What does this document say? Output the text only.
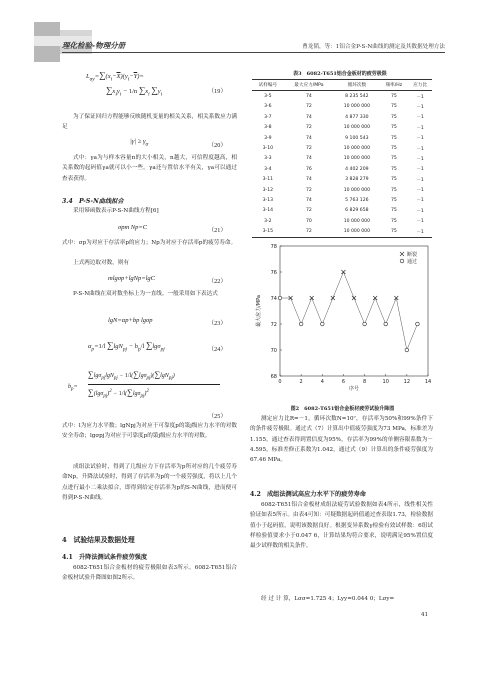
理化检验-物理分册	曹龙韬，等：1铝合金P-S-N曲线的测定及其数据处理方法
$L_{\sigma y}=\sum(x_i-\overline{X})(y_i-\overline{Y})=$
$\sum x_iy_i - 1/n$ $\sum x_i$ $\sum y_i$	（19）
为了保证回归方程能够反映随机变量的相关关系，相关系数应力满足
$|\gamma| \ge \gamma_\alpha$	（20）
式中：γa为与样本容量n的大小相关，n越大，可信程度越高，相关系数的起码值γa就可以小一些。γa还与置信水平有关，γa可以通过查表获得。
3.4　P-S-N曲线拟合
采用幂函数表示P-S-N曲线方程[6]
σpm Np=C	（21）
式中：σp为对应于存活率p的应力；Np为对应于存活率p的疲劳寿命。
上式两边取对数，则有
mlgσp+lgNp=lgC	（22）
P-S-N曲线在双对数坐标上为一直线。一般采用如下表达式
lgN=αp+bp lgσp	（23）
$\alpha_p=1/l$ $\sum\lg N_{pj} - b_p/l$ ∑lgσ$_{pj}$	（24）
$b_p=$
∑lgσ$_{pj}$lgN$_{pj}$ − 1/l(∑lgσ$_{pj}$)(∑lgN$_{pj}$)
$\sum(\lg\sigma_{pj})^2 - 1/l(\sum\lg\sigma_{pj})^2$
（25）
式中：l为应力水平数；lgNpj为对应于可靠度p的第j级应力水平的对数安全寿命；lgσpj为对应于可靠度p的第j级应力水平的对数。
成组法试验时，得到了几级应力下存活率为p所对应的几个疲劳寿命Np，升降法试验时，得到了存活率为p的一个疲劳强度，将以上几个点进行最小二乘法拟合，即得到给定存活率为p的S-N曲线，进而便可得到P-S-N曲线。
4　试验结果及数据处理
4.1　升降法测试条件疲劳强度
6082-T651铝合金板材的疲劳极限如表3所示。6082-T651铝合金板材试验升降图如图2所示。
表3　6082-T651铝合金板材的疲劳极限
试样编号	最大应力/MPa	循环次数	频率/Hz	应力比
3-5	74	8 235 542	75	－1
3-6	72	10 000 000	75	－1
3-7	74	4 877 330	75	－1
3-8	72	10 000 000	75	－1
3-9	74	9 100 543	75	－1
3-10	72	10 000 000	75	－1
3-3	74	10 000 000	75	－1
3-4	76	4 402 209	75	－1
3-11	74	3 828 279	75	－1
3-12	72	10 000 000	75	－1
3-13	74	5 763 126	75	－1
3-14	72	6 829 658	75	－1
3-2	70	10 000 000	75	－1
3-15	72	10 000 000	75	－1
0	2	4	6	8	10	12	14
68
70
72
74
76
78
序号
最大应力/MPa
断裂
通过
图2　6082-T651铝合金板材疲劳试验升降图
测定应力比R=－1，循环次数N=10⁷，存活率为50%和99%条件下的条件疲劳极限。通过式（7）计算出中值疲劳强度为73 MPa，标准差为1.155，通过查表得到置信度为95%，存活率为99%的单侧容限系数为－4.595，标准差修正系数为1.042，通过式（9）计算出的条件疲劳强度为67.46 MPa。
4.2　成组法测试高应力水平下的疲劳寿命
6082-T651铝合金板材成组法疲劳试验数据如表4所示，线性相关性验证如表5所示。由表4可知：可疑数据起码值通过查表取1.73，检验数据值小于起码值，说明该数据良好。根据变异系数γ检验有效试样数：6组试样检验值要求小于0.047 6，计算结果均符合要求，说明满足95%置信度最少试样数的相关条件。
经 过 计 算，Lσσ=1.725 4；Lyy=0.044 0；Lσy=
41
